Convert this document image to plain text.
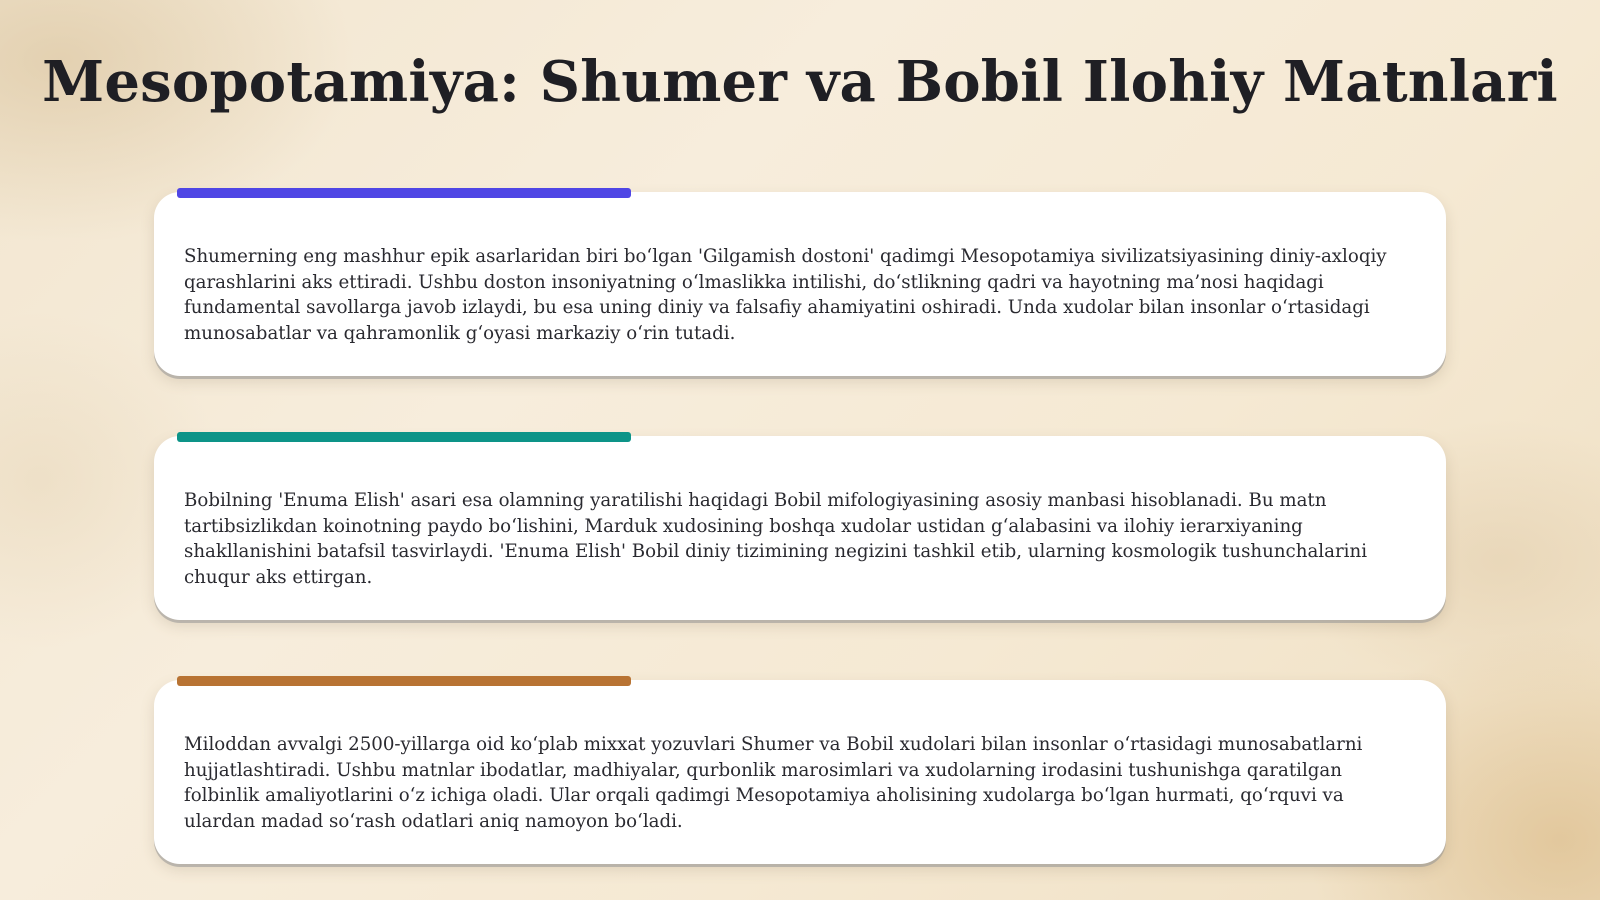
Mesopotamiya: Shumer va Bobil Ilohiy Matnlari

Shumerning eng mashhur epik asarlaridan biri bo‘lgan 'Gilgamish dostoni' qadimgi Mesopotamiya sivilizatsiyasining diniy-axloqiy qarashlarini aks ettiradi. Ushbu doston insoniyatning o‘lmaslikka intilishi, do‘stlikning qadri va hayotning ma’nosi haqidagi fundamental savollarga javob izlaydi, bu esa uning diniy va falsafiy ahamiyatini oshiradi. Unda xudolar bilan insonlar o‘rtasidagi munosabatlar va qahramonlik g‘oyasi markaziy o‘rin tutadi.

Bobilning 'Enuma Elish' asari esa olamning yaratilishi haqidagi Bobil mifologiyasining asosiy manbasi hisoblanadi. Bu matn tartibsizlikdan koinotning paydo bo‘lishini, Marduk xudosining boshqa xudolar ustidan g‘alabasini va ilohiy ierarxiyaning shakllanishini batafsil tasvirlaydi. 'Enuma Elish' Bobil diniy tizimining negizini tashkil etib, ularning kosmologik tushunchalarini chuqur aks ettirgan.

Miloddan avvalgi 2500-yillarga oid ko‘plab mixxat yozuvlari Shumer va Bobil xudolari bilan insonlar o‘rtasidagi munosabatlarni hujjatlashtiradi. Ushbu matnlar ibodatlar, madhiyalar, qurbonlik marosimlari va xudolarning irodasini tushunishga qaratilgan folbinlik amaliyotlarini o‘z ichiga oladi. Ular orqali qadimgi Mesopotamiya aholisining xudolarga bo‘lgan hurmati, qo‘rquvi va ulardan madad so‘rash odatlari aniq namoyon bo‘ladi.
